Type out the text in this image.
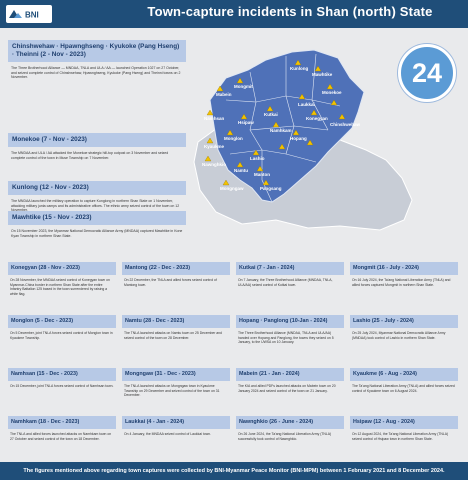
BNI	Town-capture incidents in Shan (north) State
Chinshwehaw · Hpawnghseng · Kyukoke (Pang Hseng) · Theinni (2 - Nov - 2023)
The Three Brotherhood Alliance — MNDAA, TNLA and ULA / AA — launched Operation 1027 on 27 October, and seized complete control of Chinshwehaw, Hpawnghseng, Kyukoke (Pang Hseng) and Theinni towns on 2 November.
Monekoe (7 - Nov - 2023)
The MNDAA and ULA / AA attacked the Monekoe strategic hill-top outpost on 3 November and seized complete control of the town in Muse Township on 7 November.
Kunlong (12 - Nov - 2023)
The MNDAA launched the military operation to capture Kunglong in northern Shan State on 1 November, attacking military junta camps and its administrative offices. The ethnic army seized control of the town on 12
Mawhtike (15 - Nov - 2023)
On 15 November 2023, the Myanmar National Democratic Alliance Army (MNDAA) captured Mawhtike in Kone Kyan Township in northern Shan State.
Kunlong
Mawhtike
Monekoe
Laukkai
Chinshwehaw
Mabein
Mongmit
Kutkai
Hsipaw
Namhsan
Lashio
Hopang
Kyaukme
Nawnghkio
Monglon
Namtu
Manton
Namhkam
Konegyan
Mongngaw	Pangsang
24
Konegyan (28 - Nov - 2023)
On 28 November, the MNDAA seized control of Konegyan town on Myanmar-China border in northern Shan State after the entire Infantry Battalion 125 based in the town surrendered by raising a white flag.
Mantong (22 - Dec - 2023)
On 22 December, the TNLA and allied forces seized control of Mantong town.
Kutkai (7 - Jan - 2024)
On 7 January, the Three Brotherhood Alliance (MNDAA, TNLA, ULA/AA) seized control of Kutkai town.
Mongmit (16 - July - 2024)
On 16 July 2024, the Ta'ang National Liberation Army (TNLA) and allied forces captured Mongmit in northern Shan State.
Monglon (5 - Dec - 2023)
On 5 December, joint TNLA forces seized control of Monglon town in Kyaukme Township.
Namtu (28 - Dec - 2023)
The TNLA launched attacks on Namtu town on 25 December and seized control of the town on 28 December.
Hopang · Panglong (10-Jan - 2024)
The Three Brotherhood Alliance (MNDAA, TNLA and ULA/AA) handed over Hopang and Panglong, the towns they seized on 5 January, to the UWSA on 10 January.
Lashio (25 - July - 2024)
On 25 July 2024, Myanmar National Democratic Alliance Army (MNDAA) took control of Lashio in northern Shan State.
Namhsan (15 - Dec - 2023)
On 15 December, joint TNLA forces seized control of Namhsan town.
Mongngaw (31 - Dec - 2023)
The TNLA launched attacks on Mongngaw town in Kyaukme Township on 29 December and seized control of the town on 31 December.
Mabein (21 - Jan - 2024)
The KIA and allied PDFs launched attacks on Mabein town on 20 January 2024 and seized control of the town on 21 January.
Kyaukme (6 - Aug - 2024)
The Ta'ang National Liberation Army (TNLA) and allied forces seized control of Kyaukme town on 6 August 2024.
Namhkam (18 - Dec - 2023)
The TNLA and allied forces launched attacks on Namhkam town on 27 October and seized control of the town on 18 December.
Laukkai (4 - Jan - 2024)
On 4 January, the MNDAA seized control of Laukkai town.
Nawnghkio (26 - June - 2024)
On 26 June 2024, the Ta'ang National Liberation Army (TNLA) successfully took control of Nawnghkio.
Hsipaw (12 - Aug - 2024)
On 12 August 2024, the Ta'ang National Liberation Army (TNLA) seized control of Hsipaw town in northern Shan State.
The figures mentioned above regarding town captures were collected by BNI-Myanmar Peace Monitor (BNI-MPM) between 1 February 2021 and 8 December 2024.
